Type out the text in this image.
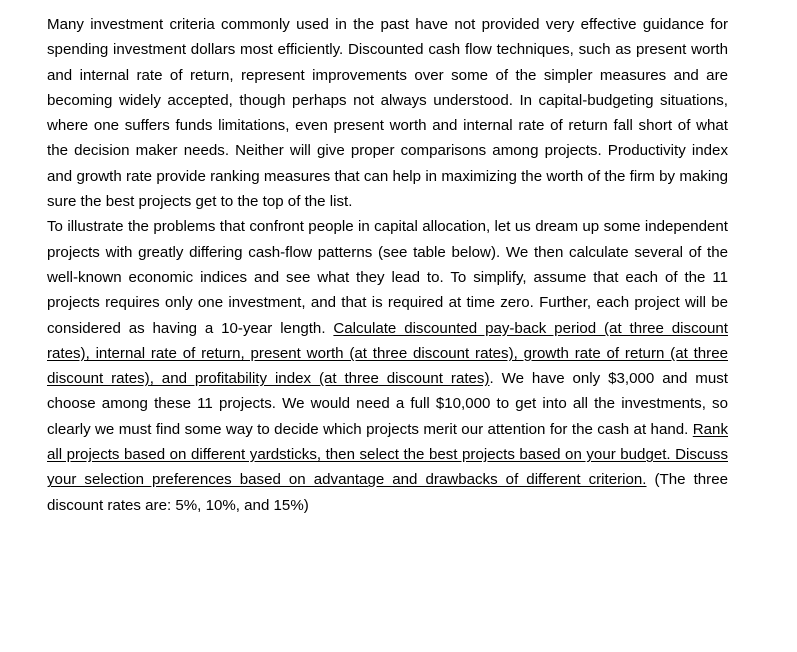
Many investment criteria commonly used in the past have not provided very effective guidance for spending investment dollars most efficiently. Discounted cash flow techniques, such as present worth and internal rate of return, represent improvements over some of the simpler measures and are becoming widely accepted, though perhaps not always understood. In capital-budgeting situations, where one suffers funds limitations, even present worth and internal rate of return fall short of what the decision maker needs. Neither will give proper comparisons among projects. Productivity index and growth rate provide ranking measures that can help in maximizing the worth of the firm by making sure the best projects get to the top of the list.

To illustrate the problems that confront people in capital allocation, let us dream up some independent projects with greatly differing cash-flow patterns (see table below). We then calculate several of the well-known economic indices and see what they lead to. To simplify, assume that each of the 11 projects requires only one investment, and that is required at time zero. Further, each project will be considered as having a 10-year length. Calculate discounted pay-back period (at three discount rates), internal rate of return, present worth (at three discount rates), growth rate of return (at three discount rates), and profitability index (at three discount rates). We have only $3,000 and must choose among these 11 projects. We would need a full $10,000 to get into all the investments, so clearly we must find some way to decide which projects merit our attention for the cash at hand. Rank all projects based on different yardsticks, then select the best projects based on your budget. Discuss your selection preferences based on advantage and drawbacks of different criterion. (The three discount rates are: 5%, 10%, and 15%)
